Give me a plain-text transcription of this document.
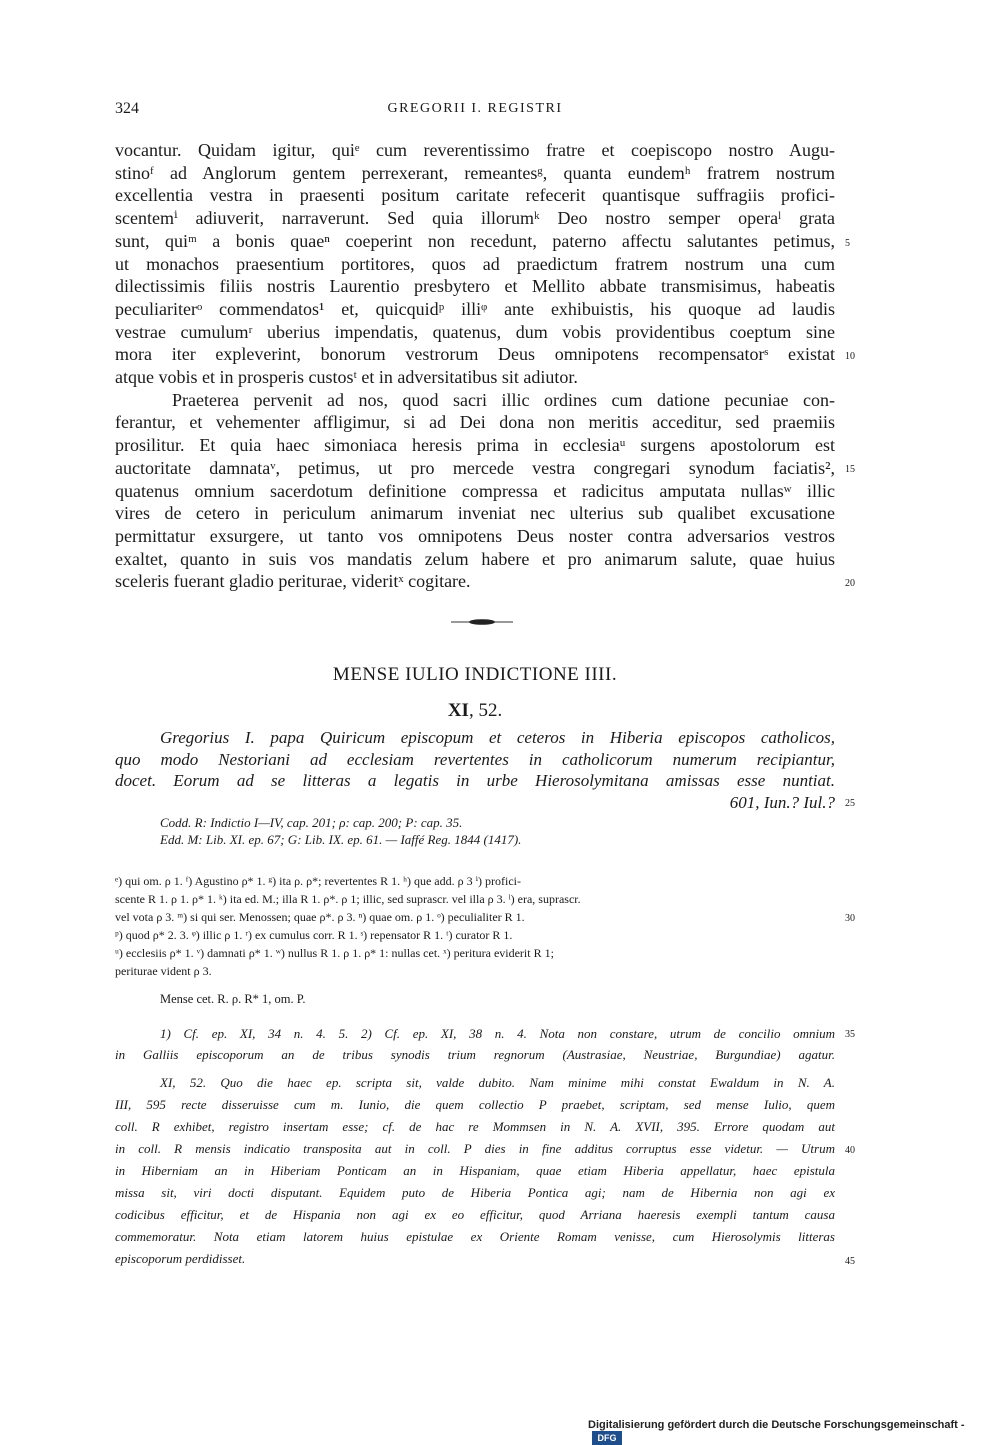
324	GREGORII I. REGISTRI
vocantur. Quidam igitur, quiᵉ cum reverentissimo fratre et coepiscopo nostro Augu-
stinoᶠ ad Anglorum gentem perrexerant, remeantesᵍ, quanta eundemʰ fratrem nostrum
excellentia vestra in praesenti positum caritate refecerit quantisque suffragiis profici-
scentemⁱ adiuverit, narraverunt. Sed quia illorumᵏ Deo nostro semper operaˡ grata
sunt, quiᵐ a bonis quaeⁿ coeperint non recedunt, paterno affectu salutantes petimus,
ut monachos praesentium portitores, quos ad praedictum fratrem nostrum una cum
dilectissimis filiis nostris Laurentio presbytero et Mellito abbate transmisimus, habeatis
peculiariterᵒ commendatos¹ et, quicquidᵖ illiᵠ ante exhibuistis, his quoque ad laudis
vestrae cumulumʳ uberius impendatis, quatenus, dum vobis providentibus coeptum sine
mora iter expleverint, bonorum vestrorum Deus omnipotens recompensatorˢ existat
atque vobis et in prosperis custosᵗ et in adversitatibus sit adiutor.
Praeterea pervenit ad nos, quod sacri illic ordines cum datione pecuniae con-
ferantur, et vehementer affligimur, si ad Dei dona non meritis acceditur, sed praemiis
prosilitur. Et quia haec simoniaca heresis prima in ecclesiaᵘ surgens apostolorum est
auctoritate damnataᵛ, petimus, ut pro mercede vestra congregari synodum faciatis²,
quatenus omnium sacerdotum definitione compressa et radicitus amputata nullasʷ illic
vires de cetero in periculum animarum inveniat nec ulterius sub qualibet excusatione
permittatur exsurgere, ut tanto vos omnipotens Deus noster contra adversarios vestros
exaltet, quanto in suis vos mandatis zelum habere et pro animarum salute, quae huius
sceleris fuerant gladio periturae, videritˣ cogitare.
5
10
15
20
MENSE IULIO INDICTIONE IIII.
XI, 52.
Gregorius I. papa Quiricum episcopum et ceteros in Hiberia episcopos catholicos,
quo modo Nestoriani ad ecclesiam revertentes in catholicorum numerum recipiantur,
docet. Eorum ad se litteras a legatis in urbe Hierosolymitana amissas esse nuntiat.
601, Iun.? Iul.? 25
Codd. R: Indictio I—IV, cap. 201; ρ: cap. 200; P: cap. 35.
Edd. M: Lib. XI. ep. 67; G: Lib. IX. ep. 61. — Iaffé Reg. 1844 (1417).
ᵉ) qui om. ρ 1. ᶠ) Agustino ρ* 1. ᵍ) ita ρ. ρ*; revertentes R 1. ʰ) que add. ρ 3 ⁱ) profici-
scente R 1. ρ 1. ρ* 1. ᵏ) ita ed. M.; illa R 1. ρ*. ρ 1; illic, sed suprascr. vel illa ρ 3. ˡ) era, suprascr.
vel vota ρ 3. ᵐ) si qui ser. Menossen; quae ρ*. ρ 3. ⁿ) quae om. ρ 1. ᵒ) peculialiter R 1.
ᵖ) quod ρ* 2. 3. ᵠ) illic ρ 1. ʳ) ex cumulus corr. R 1. ˢ) repensator R 1. ᵗ) curator R 1.
ᵘ) ecclesiis ρ* 1. ᵛ) damnati ρ* 1. ʷ) nullus R 1. ρ 1. ρ* 1: nullas cet. ˣ) peritura eviderit R 1;
periturae vident ρ 3.
30
Mense cet. R. ρ. R* 1, om. P.
1) Cf. ep. XI, 34 n. 4. 5. 2) Cf. ep. XI, 38 n. 4. Nota non constare, utrum de concilio omnium
in Galliis episcoporum an de tribus synodis trium regnorum (Austrasiae, Neustriae, Burgundiae) agatur.
XI, 52. Quo die haec ep. scripta sit, valde dubito. Nam minime mihi constat Ewaldum in N. A.
III, 595 recte disseruisse cum m. Iunio, die quem collectio P praebet, scriptam, sed mense Iulio, quem
coll. R exhibet, registro insertam esse; cf. de hac re Mommsen in N. A. XVII, 395. Errore quodam aut
in coll. R mensis indicatio transposita aut in coll. P dies in fine additus corruptus esse videtur. — Utrum
in Hiberniam an in Hiberiam Ponticam an in Hispaniam, quae etiam Hiberia appellatur, haec epistula
missa sit, viri docti disputant. Equidem puto de Hiberia Pontica agi; nam de Hibernia non agi ex
codicibus efficitur, et de Hispania non agi ex eo efficitur, quod Arriana haeresis exempli tantum causa
commemoratur. Nota etiam latorem huius epistulae ex Oriente Romam venisse, cum Hierosolymis litteras
episcoporum perdidisset.
35
40
45
Digitalisierung gefördert durch die Deutsche Forschungsgemeinschaft - DFG
